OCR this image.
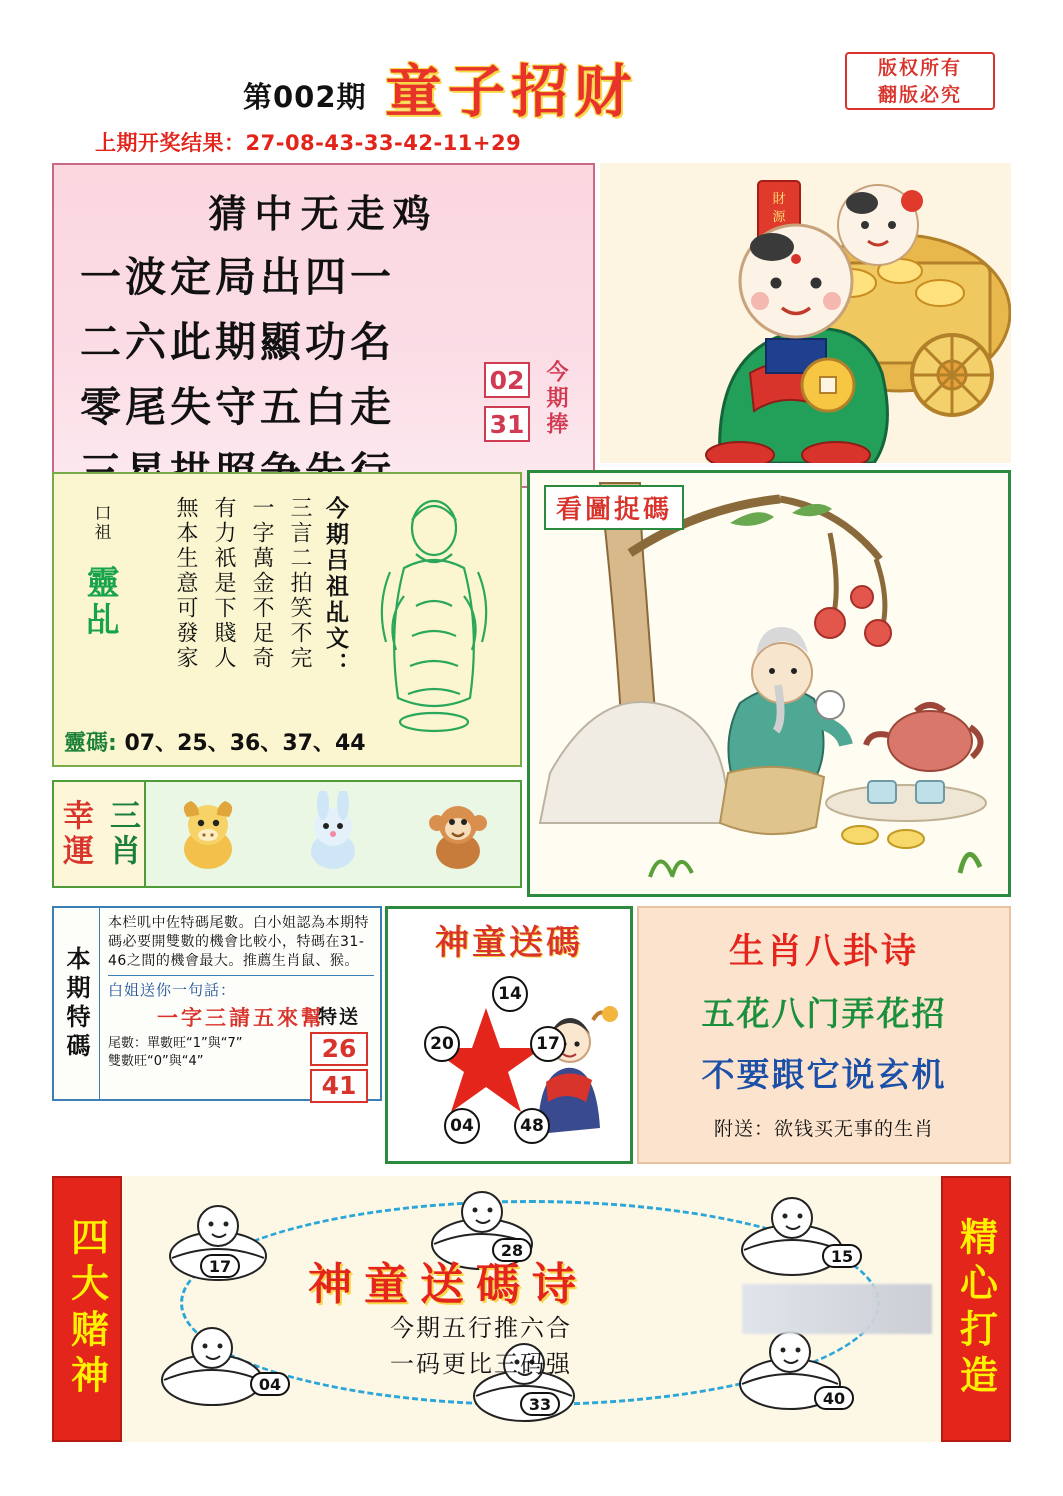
第002期 童子招财	版权所有
翻版必究
上期开奖结果：27-08-43-33-42-11+29
猜中无走鸡
一波定局出四一
二六此期顯功名
零尾失守五白走
02
31 今期捧
財
源
口祖
靈乩	今期吕祖乩文：
三言二拍笑不完
一字萬金不足奇
有力祇是下賤人
無本生意可發家
靈碼: 07、25、36、37、44
幸運 三肖
本期特碼
本栏叽中佐特碼尾數。白小姐認為本期特碼必要開雙數的機會比較小，特碼在31-46之間的機會最大。推薦生肖鼠、猴。
白姐送你一句話：
一字三請五來幫
尾數：單數旺“1”與“7”
雙數旺“0”與“4”
特送
26
41
神童送碼
14
20	17
04	48
生肖八卦诗
五花八门弄花招
不要跟它说玄机
附送：欲钱买无事的生肖
看圖捉碼
17
28	15
04
33	40
神童送碼诗
今期五行推六合
一码更比三码强
四大赌神	精心打造
